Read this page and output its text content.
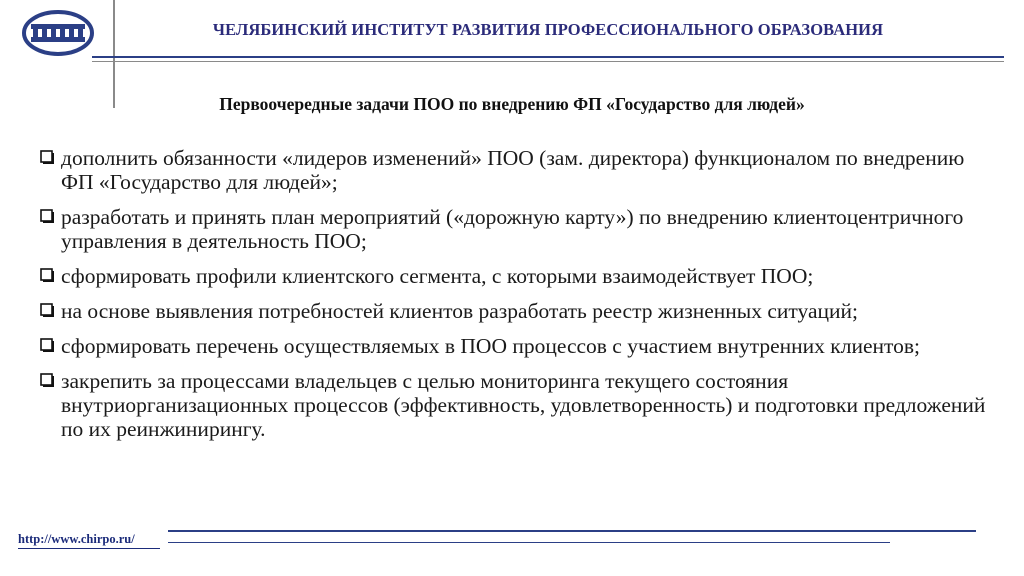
ЧЕЛЯБИНСКИЙ ИНСТИТУТ РАЗВИТИЯ ПРОФЕССИОНАЛЬНОГО ОБРАЗОВАНИЯ
Первоочередные задачи ПОО по внедрению ФП «Государство для людей»
дополнить обязанности «лидеров изменений» ПОО (зам. директора) функционалом по внедрению ФП «Государство для людей»;
разработать и принять план мероприятий («дорожную карту») по внедрению клиентоцентричного управления в деятельность ПОО;
сформировать профили клиентского сегмента, с которыми взаимодействует ПОО;
на основе выявления потребностей клиентов разработать реестр жизненных ситуаций;
сформировать перечень осуществляемых в ПОО процессов с участием внутренних клиентов;
закрепить за процессами владельцев с целью мониторинга текущего состояния внутриорганизационных процессов (эффективность, удовлетворенность) и подготовки предложений по их реинжинирингу.
http://www.chirpo.ru/
